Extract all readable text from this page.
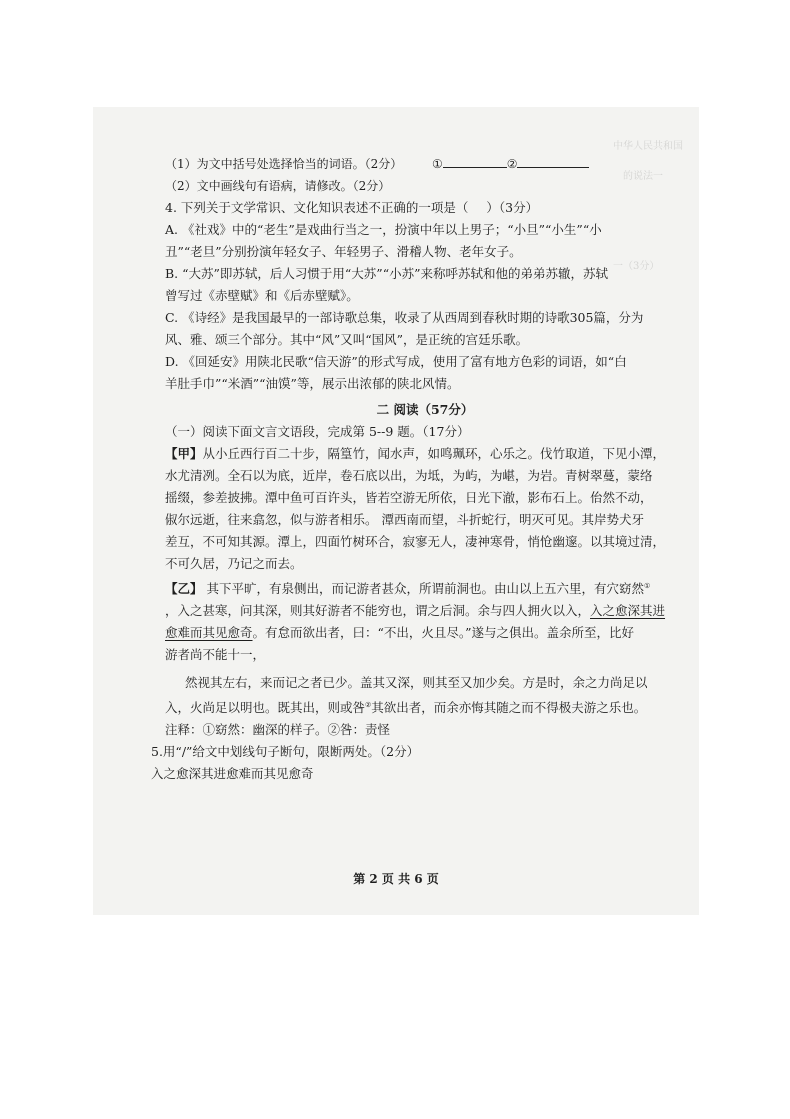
中华人民共和国
的说法一
一（3分）
（1）为文中括号处选择恰当的词语。（2分） ①	②
（2）文中画线句有语病，请修改。（2分）
4. 下列关于文学常识、文化知识表述不正确的一项是（ ）（3分）
A. 《社戏》中的“老生”是戏曲行当之一，扮演中年以上男子；“小旦”“小生”“小
丑”“老旦”分别扮演年轻女子、年轻男子、滑稽人物、老年女子。
B. “大苏”即苏轼，后人习惯于用“大苏”“小苏”来称呼苏轼和他的弟弟苏辙，苏轼
曾写过《赤壁赋》和《后赤壁赋》。
C. 《诗经》是我国最早的一部诗歌总集，收录了从西周到春秋时期的诗歌305篇，分为
风、雅、颂三个部分。其中“风”又叫“国风”，是正统的宫廷乐歌。
D. 《回延安》用陕北民歌“信天游”的形式写成，使用了富有地方色彩的词语，如“白
羊肚手巾”“米酒”“油馍”等，展示出浓郁的陕北风情。
二 阅读（57分）
（一）阅读下面文言文语段，完成第 5--9 题。（17分）
【甲】从小丘西行百二十步，隔篁竹，闻水声，如鸣珮环，心乐之。伐竹取道，下见小潭，
水尤清冽。全石以为底，近岸，卷石底以出，为坻，为屿，为嵁，为岩。青树翠蔓，蒙络
摇缀，参差披拂。潭中鱼可百许头，皆若空游无所依，日光下澈，影布石上。佁然不动，
俶尔远逝，往来翕忽，似与游者相乐。 潭西南而望，斗折蛇行，明灭可见。其岸势犬牙
差互，不可知其源。潭上，四面竹树环合，寂寥无人，凄神寒骨，悄怆幽邃。以其境过清，
不可久居，乃记之而去。
【乙】 其下平旷，有泉侧出，而记游者甚众，所谓前洞也。由山以上五六里，有穴窈然①
，入之甚寒，问其深，则其好游者不能穷也，谓之后洞。余与四人拥火以入，入之愈深其进
愈难而其见愈奇。有怠而欲出者，曰：“不出，火且尽。”遂与之俱出。盖余所至，比好
游者尚不能十一，
然视其左右，来而记之者已少。盖其又深，则其至又加少矣。方是时，余之力尚足以
入，火尚足以明也。既其出，则或咎②其欲出者，而余亦悔其随之而不得极夫游之乐也。
注释：①窈然：幽深的样子。②咎：责怪
5.用“/”给文中划线句子断句，限断两处。（2分）
入之愈深其进愈难而其见愈奇
第 2 页 共 6 页
